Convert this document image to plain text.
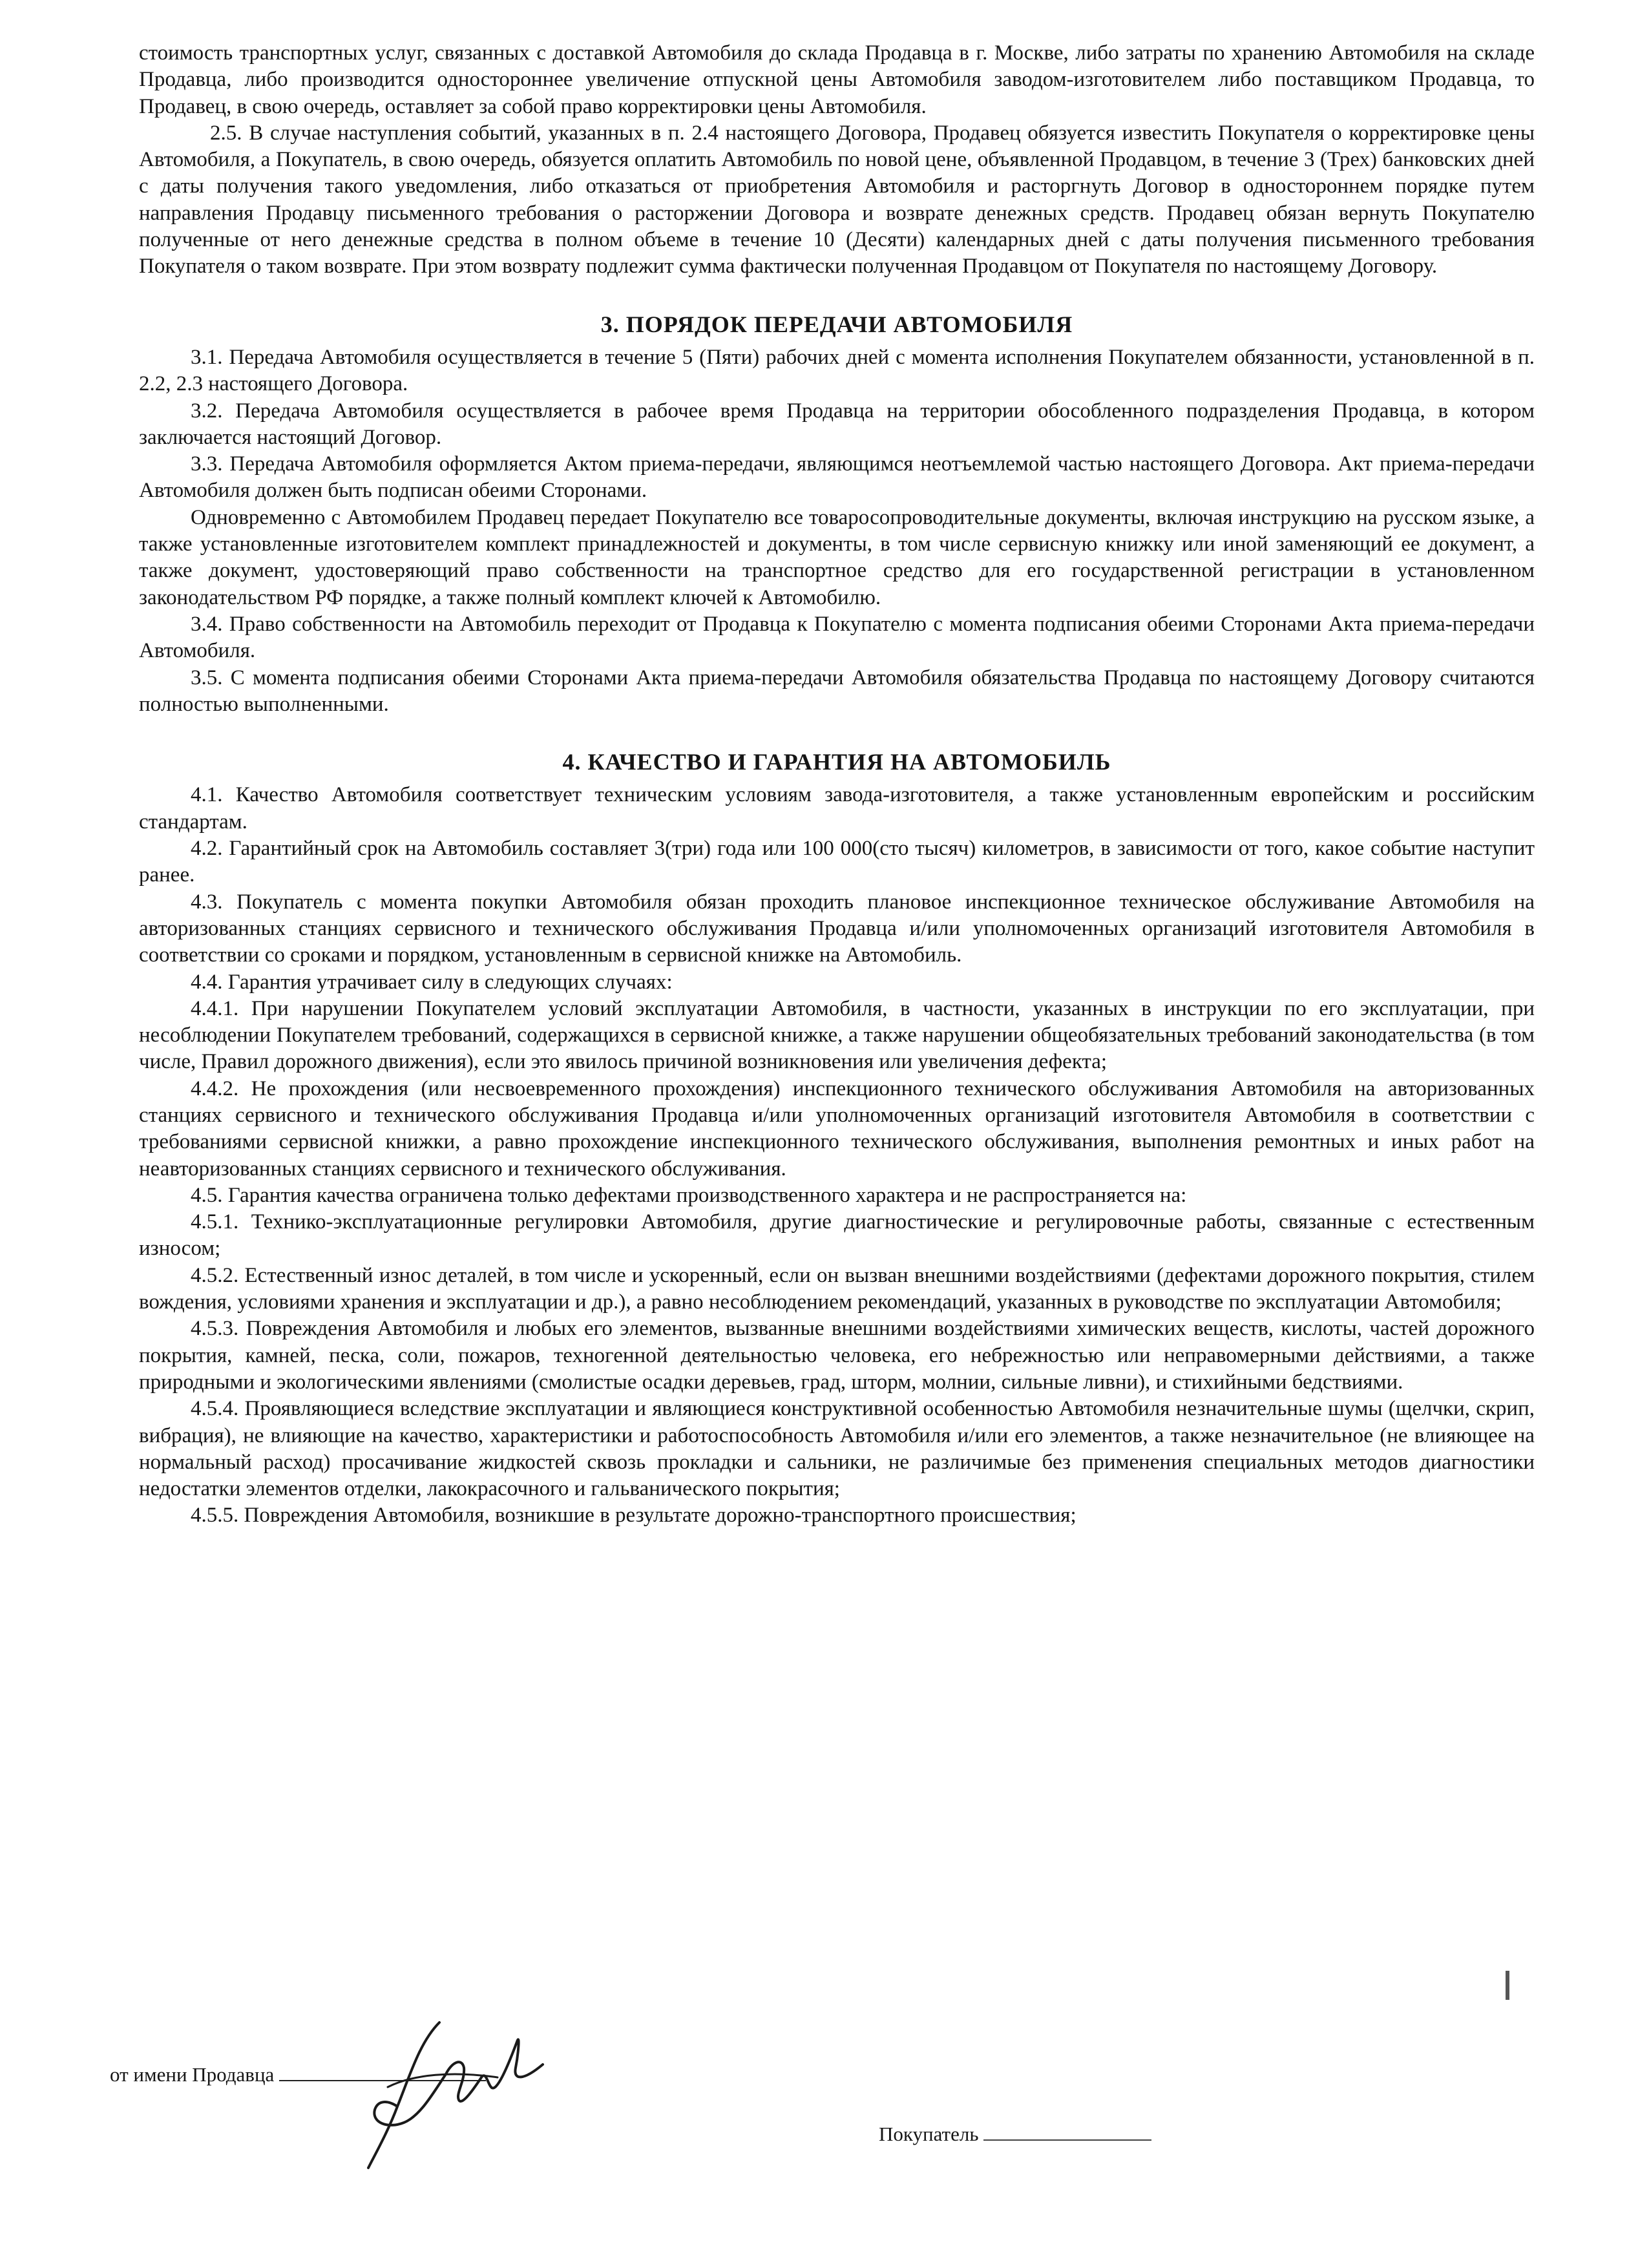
стоимость транспортных услуг, связанных с доставкой Автомобиля до склада Продавца в г. Москве, либо затраты по хранению Автомобиля на складе Продавца, либо производится одностороннее увеличение отпускной цены Автомобиля заводом-изготовителем либо поставщиком Продавца, то Продавец, в свою очередь, оставляет за собой право корректировки цены Автомобиля.

2.5. В случае наступления событий, указанных в п. 2.4 настоящего Договора, Продавец обязуется известить Покупателя о корректировке цены Автомобиля, а Покупатель, в свою очередь, обязуется оплатить Автомобиль по новой цене, объявленной Продавцом, в течение 3 (Трех) банковских дней с даты получения такого уведомления, либо отказаться от приобретения Автомобиля и расторгнуть Договор в одностороннем порядке путем направления Продавцу письменного требования о расторжении Договора и возврате денежных средств. Продавец обязан вернуть Покупателю полученные от него денежные средства в полном объеме в течение 10 (Десяти) календарных дней с даты получения письменного требования Покупателя о таком возврате. При этом возврату подлежит сумма фактически полученная Продавцом от Покупателя по настоящему Договору.

3. ПОРЯДОК ПЕРЕДАЧИ АВТОМОБИЛЯ

3.1. Передача Автомобиля осуществляется в течение 5 (Пяти) рабочих дней с момента исполнения Покупателем обязанности, установленной в п. 2.2, 2.3 настоящего Договора.

3.2. Передача Автомобиля осуществляется в рабочее время Продавца на территории обособленного подразделения Продавца, в котором заключается настоящий Договор.

3.3. Передача Автомобиля оформляется Актом приема-передачи, являющимся неотъемлемой частью настоящего Договора. Акт приема-передачи Автомобиля должен быть подписан обеими Сторонами.

Одновременно с Автомобилем Продавец передает Покупателю все товаросопроводительные документы, включая инструкцию на русском языке, а также установленные изготовителем комплект принадлежностей и документы, в том числе сервисную книжку или иной заменяющий ее документ, а также документ, удостоверяющий право собственности на транспортное средство для его государственной регистрации в установленном законодательством РФ порядке, а также полный комплект ключей к Автомобилю.

3.4. Право собственности на Автомобиль переходит от Продавца к Покупателю с момента подписания обеими Сторонами Акта приема-передачи Автомобиля.

3.5. С момента подписания обеими Сторонами Акта приема-передачи Автомобиля обязательства Продавца по настоящему Договору считаются полностью выполненными.

4. КАЧЕСТВО И ГАРАНТИЯ НА АВТОМОБИЛЬ

4.1. Качество Автомобиля соответствует техническим условиям завода-изготовителя, а также установленным европейским и российским стандартам.

4.2. Гарантийный срок на Автомобиль составляет 3(три) года или 100 000(сто тысяч) километров, в зависимости от того, какое событие наступит ранее.

4.3. Покупатель с момента покупки Автомобиля обязан проходить плановое инспекционное техническое обслуживание Автомобиля на авторизованных станциях сервисного и технического обслуживания Продавца и/или уполномоченных организаций изготовителя Автомобиля в соответствии со сроками и порядком, установленным в сервисной книжке на Автомобиль.

4.4. Гарантия утрачивает силу в следующих случаях:

4.4.1. При нарушении Покупателем условий эксплуатации Автомобиля, в частности, указанных в инструкции по его эксплуатации, при несоблюдении Покупателем требований, содержащихся в сервисной книжке, а также нарушении общеобязательных требований законодательства (в том числе, Правил дорожного движения), если это явилось причиной возникновения или увеличения дефекта;

4.4.2. Не прохождения (или несвоевременного прохождения) инспекционного технического обслуживания Автомобиля на авторизованных станциях сервисного и технического обслуживания Продавца и/или уполномоченных организаций изготовителя Автомобиля в соответствии с требованиями сервисной книжки, а равно прохождение инспекционного технического обслуживания, выполнения ремонтных и иных работ на неавторизованных станциях сервисного и технического обслуживания.

4.5. Гарантия качества ограничена только дефектами производственного характера и не распространяется на:

4.5.1. Технико-эксплуатационные регулировки Автомобиля, другие диагностические и регулировочные работы, связанные с естественным износом;

4.5.2. Естественный износ деталей, в том числе и ускоренный, если он вызван внешними воздействиями (дефектами дорожного покрытия, стилем вождения, условиями хранения и эксплуатации и др.), а равно несоблюдением рекомендаций, указанных в руководстве по эксплуатации Автомобиля;

4.5.3. Повреждения Автомобиля и любых его элементов, вызванные внешними воздействиями химических веществ, кислоты, частей дорожного покрытия, камней, песка, соли, пожаров, техногенной деятельностью человека, его небрежностью или неправомерными действиями, а также природными и экологическими явлениями (смолистые осадки деревьев, град, шторм, молнии, сильные ливни), и стихийными бедствиями.

4.5.4. Проявляющиеся вследствие эксплуатации и являющиеся конструктивной особенностью Автомобиля незначительные шумы (щелчки, скрип, вибрация), не влияющие на качество, характеристики и работоспособность Автомобиля и/или его элементов, а также незначительное (не влияющее на нормальный расход) просачивание жидкостей сквозь прокладки и сальники, не различимые без применения специальных методов диагностики недостатки элементов отделки, лакокрасочного и гальванического покрытия;

4.5.5. Повреждения Автомобиля, возникшие в результате дорожно-транспортного происшествия;

от имени Продавца
Покупатель
